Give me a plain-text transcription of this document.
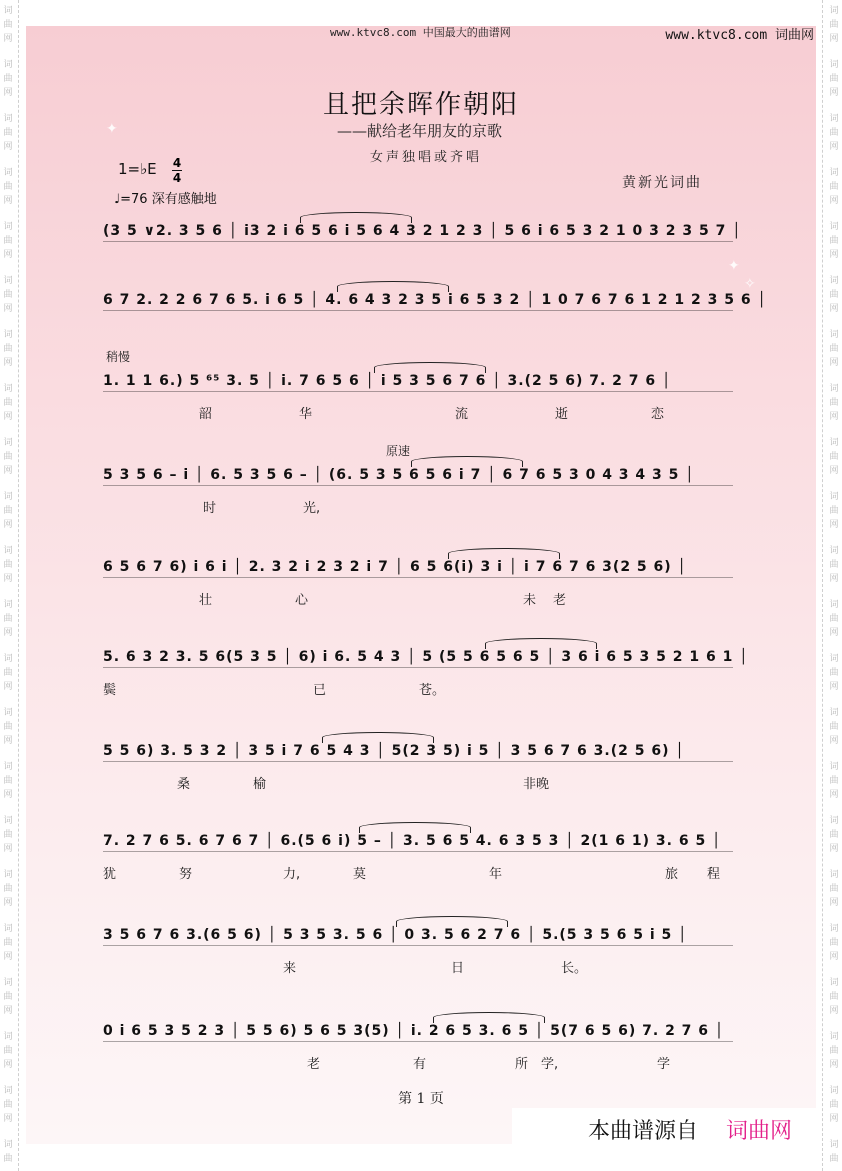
词
曲
网
词
曲
网
词
曲
网
词
曲
网
词
曲
网
词
曲
网
词
曲
网
词
曲
网
词
曲
网
词
曲
网
词
曲
网
词
曲
网
词
曲
网
词
曲
网
词
曲
网
词
曲
网
词
曲
网
词
曲
网
词
曲
网
词
曲
网
词
曲
网
词
曲
词
曲
网
词
曲
网
词
曲
网
词
曲
网
词
曲
网
词
曲
网
词
曲
网
词
曲
网
词
曲
网
词
曲
网
词
曲
网
词
曲
网
词
曲
网
词
曲
网
词
曲
网
词
曲
网
词
曲
网
词
曲
网
词
曲
网
词
曲
网
词
曲
网
词
曲
✦
✦
✧
www.ktvc8.com 中国最大的曲谱网	www.ktvc8.com 词曲网
且把余晖作朝阳
——献给老年朋友的京歌
女声独唱或齐唱
1=♭E 4
4
♩=76 深有感触地
黄新光词曲
稍慢
原速
(3 5 ∨2. 3 5 6 │ i3 2 i 6 5 6 i 5 6 4 3 2 1 2 3 │ 5 6 i 6 5 3 2 1 0 3 2 3 5 7 │
6 7 2. 2 2 6 7 6 5. i 6 5 │ 4. 6 4 3 2 3 5 i 6 5 3 2 │ 1 0 7 6 7 6 1 2 1 2 3 5 6 │
1. 1 1 6.) 5 ⁶⁵ 3. 5 │ i. 7 6 5 6 │ i 5 3 5 6 7 6 │ 3.(2 5 6) 7. 2 7 6 │
韶	华	流	逝	恋
5 3 5 6 – i │ 6. 5 3 5 6 – │ (6. 5 3 5 6 5 6 i 7 │ 6 7 6 5 3 0 4 3 4 3 5 │
时	光,
6 5 6 7 6) i 6 i │ 2. 3 2 i 2 3 2 i 7 │ 6 5 6(i) 3 i │ i 7 6 7 6 3(2 5 6) │
壮	心	未 老
5. 6 3 2 3. 5 6(5 3 5 │ 6) i 6. 5 4 3 │ 5 (5 5 6 5 6 5 │ 3 6 i 6 5 3 5 2 1 6 1 │
鬓	已	苍。
5 5 6) 3. 5 3 2 │ 3 5 i 7 6 5 4 3 │ 5(2 3 5) i 5 │ 3 5 6 7 6 3.(2 5 6) │
桑	榆	非晚
7. 2 7 6 5. 6 7 6 7 │ 6.(5 6 i) 5 – │ 3. 5 6 5 4. 6 3 5 3 │ 2(1 6 1) 3. 6 5 │
犹	努	力,	莫	年	旅 程
3 5 6 7 6 3.(6 5 6) │ 5 3 5 3. 5 6 │ 0 3. 5 6 2 7 6 │ 5.(5 3 5 6 5 i 5 │
来	日	长。
0 i 6 5 3 5 2 3 │ 5 5 6) 5 6 5 3(5) │ i. 2 6 5 3. 6 5 │ 5(7 6 5 6) 7. 2 7 6 │
老	有	所 学,	学
第 1 页
本曲谱源自 词曲网
